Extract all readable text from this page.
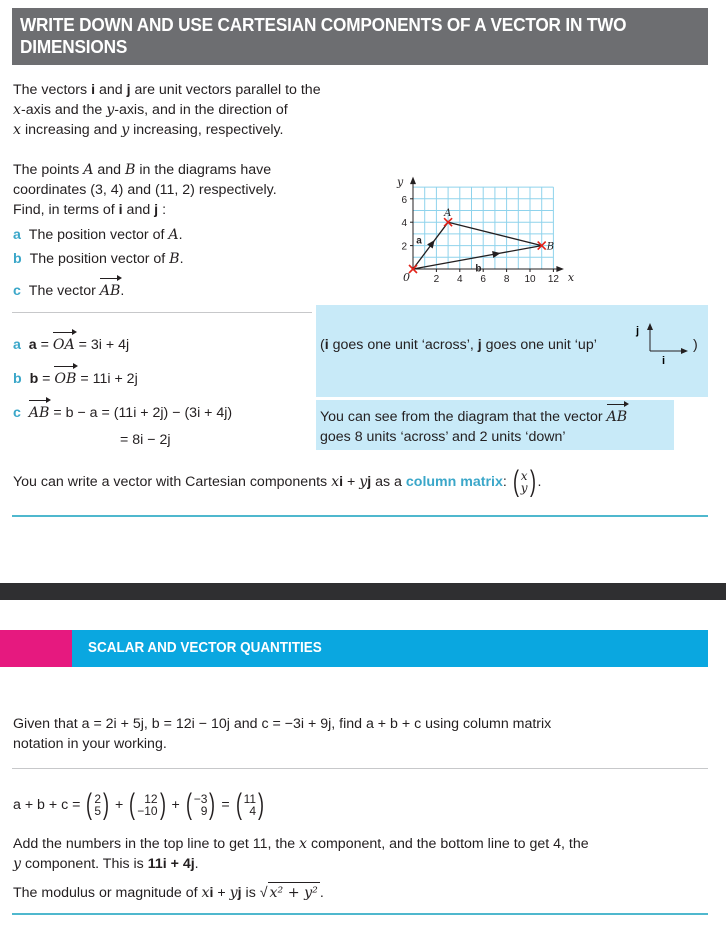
WRITE DOWN AND USE CARTESIAN COMPONENTS OF A VECTOR IN TWO DIMENSIONS
The vectors i and j are unit vectors parallel to the
x-axis and the y-axis, and in the direction of
x increasing and y increasing, respectively.
The points A and B in the diagrams have
coordinates (3, 4) and (11, 2) respectively.
Find, in terms of i and j :
a The position vector of A.
b The position vector of B.
c The vector AB.
2 4 6 8 10 12
2
4
6
y
x
0
A
B
a
b
a a = OA = 3i + 4j
b b = OB = 11i + 2j
c AB = b − a = (11i + 2j) − (3i + 4j)
= 8i − 2j
(i goes one unit ‘across’, j goes one unit ‘up’
j
i
)
You can see from the diagram that the vector AB
goes 8 units ‘across’ and 2 units ‘down’
You can write a vector with Cartesian components xi + yj as a column matrix: ( x
y) .
SCALAR AND VECTOR QUANTITIES
Given that a = 2i + 5j, b = 12i − 10j and c = −3i + 9j, find a + b + c using column matrix
notation in your working.
a + b + c = ( 2
5) + ( 12
−10) + ( −3
9) = ( 11
4)
Add the numbers in the top line to get 11, the x component, and the bottom line to get 4, the
y component. This is 11i + 4j.
The modulus or magnitude of xi + yj is √ x² + y² .
